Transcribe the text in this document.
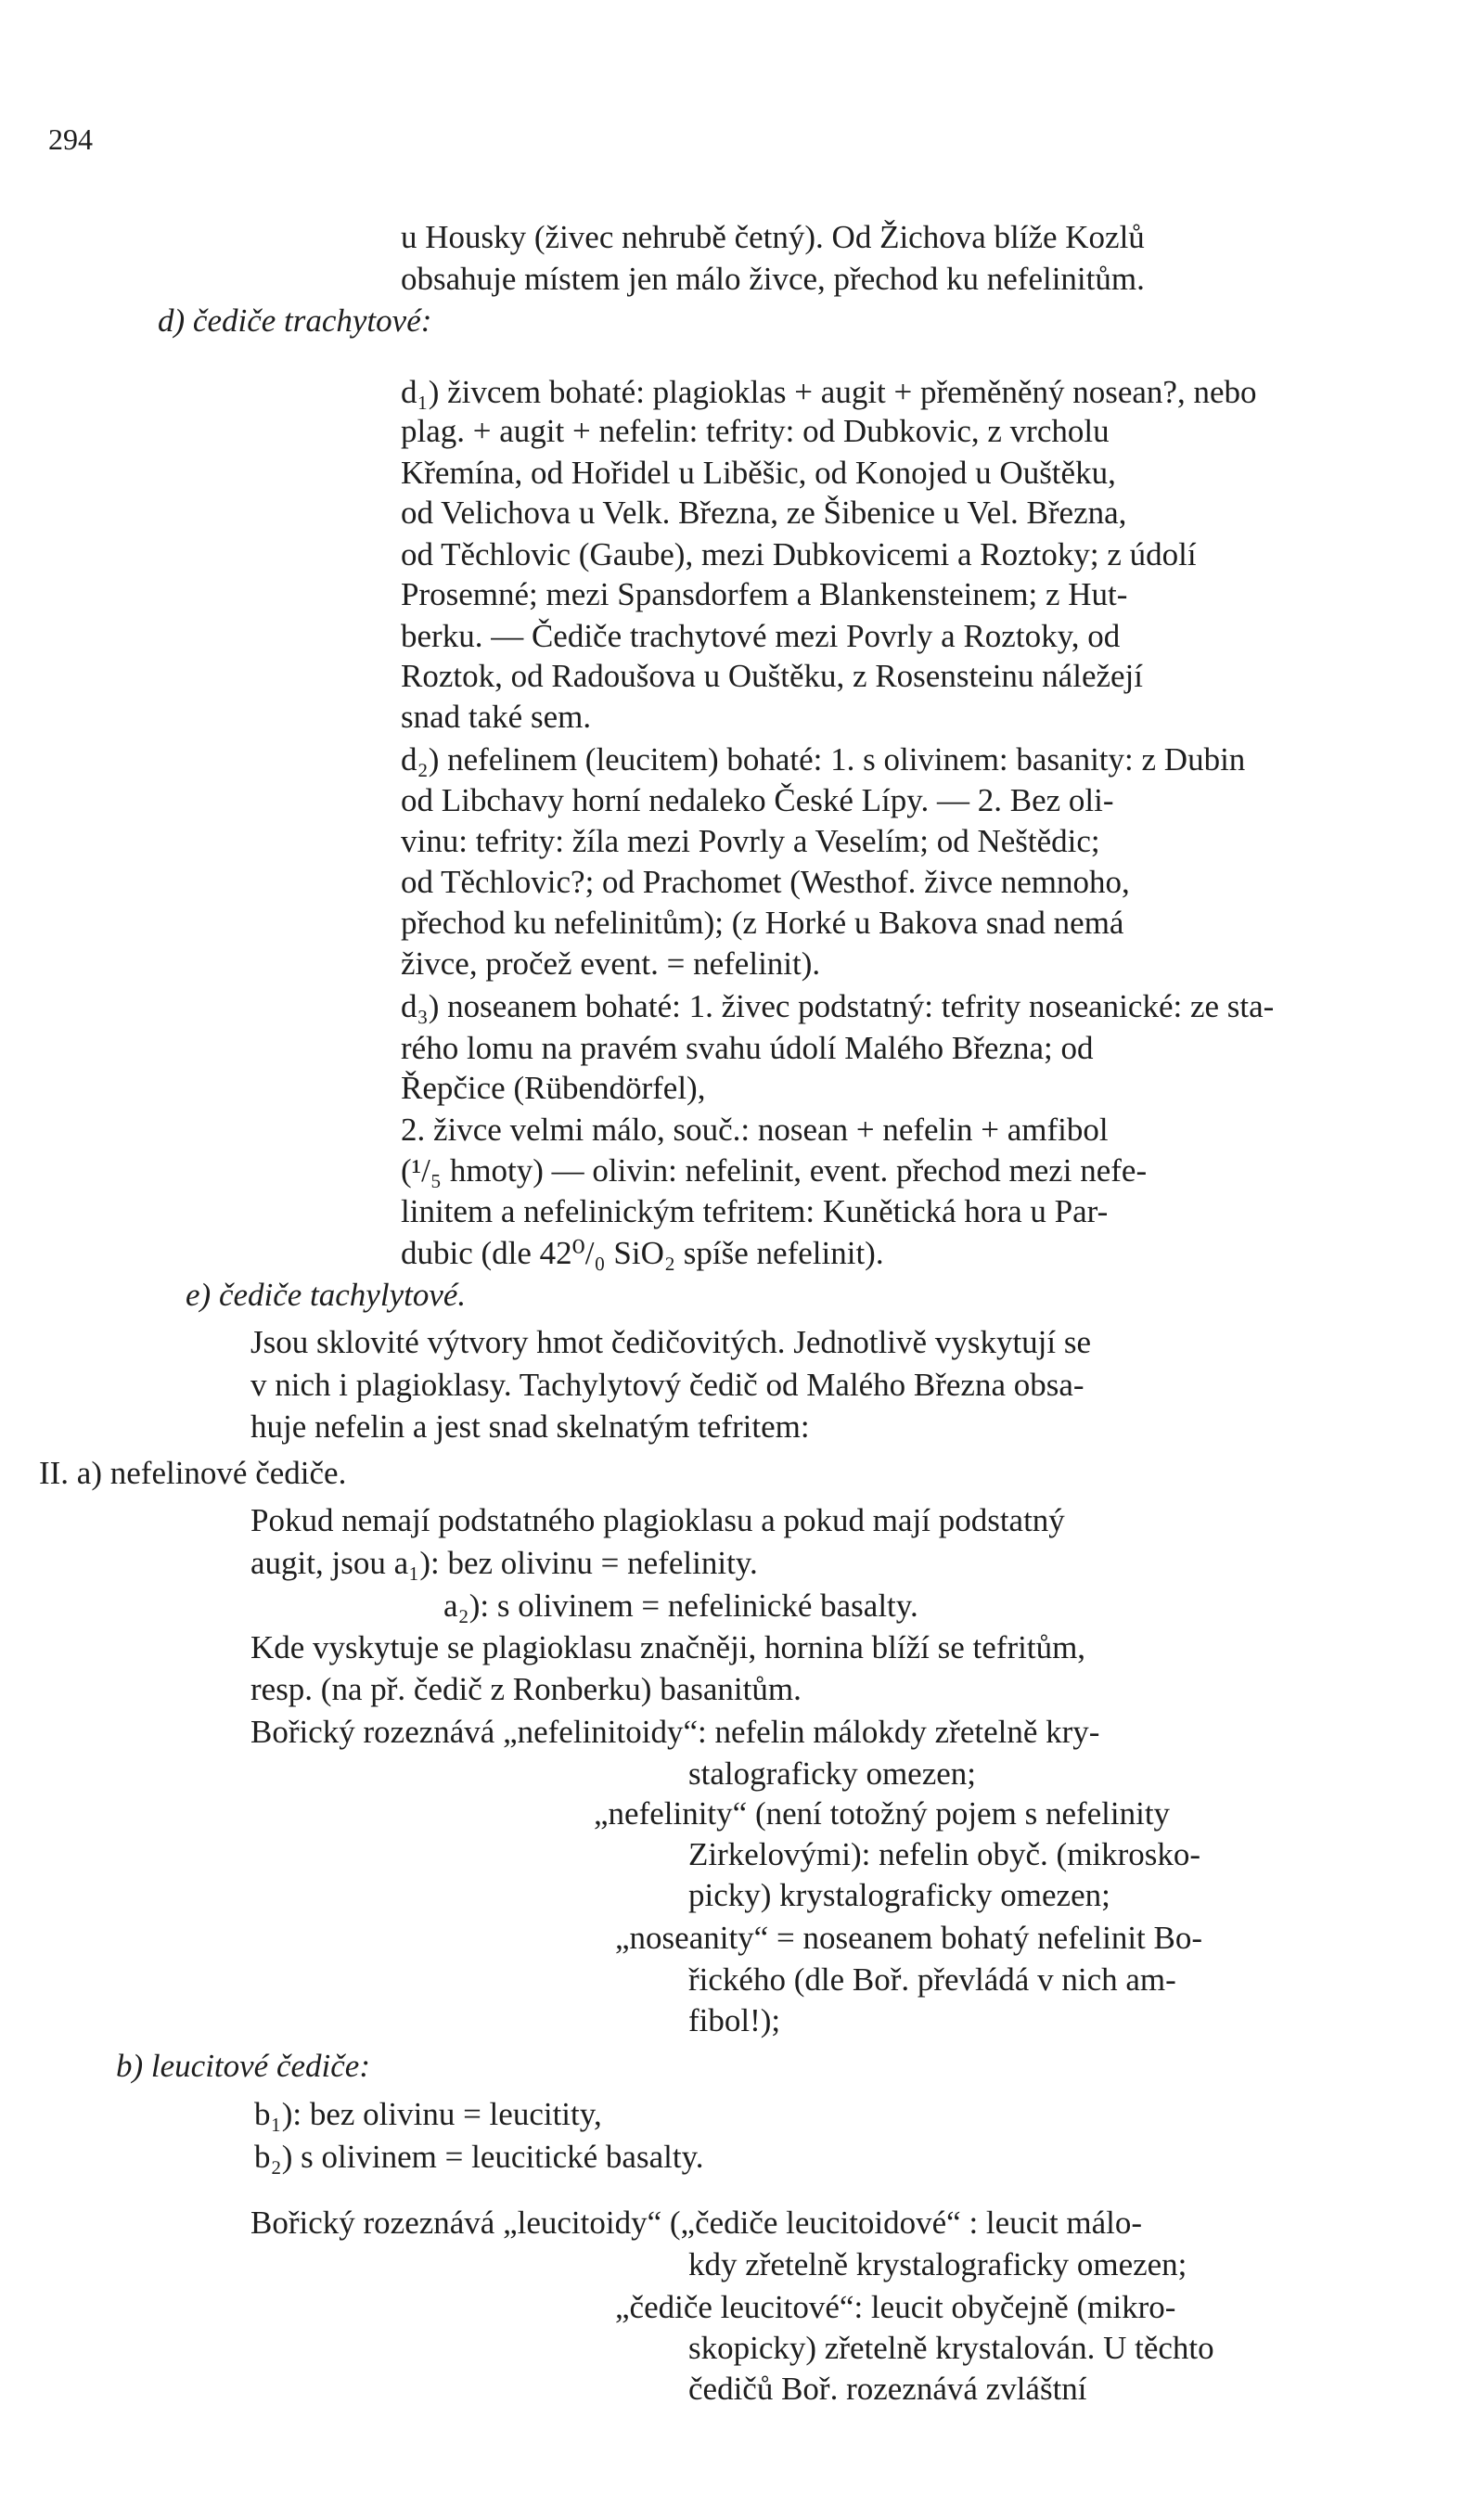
294
u Housky (živec nehrubě četný). Od Žichova blíže Kozlů
obsahuje místem jen málo živce, přechod ku nefelinitům.
d) čediče trachytové:
d₁) živcem bohaté: plagioklas + augit + přeměněný nosean?, nebo
plag. + augit + nefelin: tefrity: od Dubkovic, z vrcholu
Křemína, od Hořidel u Liběšic, od Konojed u Ouštěku,
od Velichova u Velk. Března, ze Šibenice u Vel. Března,
od Těchlovic (Gaube), mezi Dubkovicemi a Roztoky; z údolí
Prosemné; mezi Spansdorfem a Blankensteinem; z Hut-
berku. — Čediče trachytové mezi Povrly a Roztoky, od
Roztok, od Radoušova u Ouštěku, z Rosensteinu náležejí
snad také sem.
d₂) nefelinem (leucitem) bohaté: 1. s olivinem: basanity: z Dubin
od Libchavy horní nedaleko České Lípy. — 2. Bez oli-
vinu: tefrity: žíla mezi Povrly a Veselím; od Neštědic;
od Těchlovic?; od Prachomet (Westhof. živce nemnoho,
přechod ku nefelinitům); (z Horké u Bakova snad nemá
živce, pročež event. = nefelinit).
d₃) noseanem bohaté: 1. živec podstatný: tefrity noseanické: ze sta-
rého lomu na pravém svahu údolí Malého Března; od
Řepčice (Rübendörfel),
2. živce velmi málo, souč.: nosean + nefelin + amfibol
(¹/₅ hmoty) — olivin: nefelinit, event. přechod mezi nefe-
linitem a nefelinickým tefritem: Kunětická hora u Par-
dubic (dle 42⁰/₀ SiO₂ spíše nefelinit).
e) čediče tachylytové.
Jsou sklovité výtvory hmot čedičovitých. Jednotlivě vyskytují se
v nich i plagioklasy. Tachylytový čedič od Malého Března obsa-
huje nefelin a jest snad skelnatým tefritem:
II. a) nefelinové čediče.
Pokud nemají podstatného plagioklasu a pokud mají podstatný
augit, jsou a₁): bez olivinu = nefelinity.
a₂): s olivinem = nefelinické basalty.
Kde vyskytuje se plagioklasu značněji, hornina blíží se tefritům,
resp. (na př. čedič z Ronberku) basanitům.
Bořický rozeznává „nefelinitoidy“: nefelin málokdy zřetelně kry-
stalograficky omezen;
„nefelinity“ (není totožný pojem s nefelinity
Zirkelovými): nefelin obyč. (mikrosko-
picky) krystalograficky omezen;
„noseanity“ = noseanem bohatý nefelinit Bo-
řického (dle Boř. převládá v nich am-
fibol!);
b) leucitové čediče:
b₁): bez olivinu = leucitity,
b₂) s olivinem = leucitické basalty.
Bořický rozeznává „leucitoidy“ („čediče leucitoidové“ : leucit málo-
kdy zřetelně krystalograficky omezen;
„čediče leucitové“: leucit obyčejně (mikro-
skopicky) zřetelně krystalován. U těchto
čedičů Boř. rozeznává zvláštní
